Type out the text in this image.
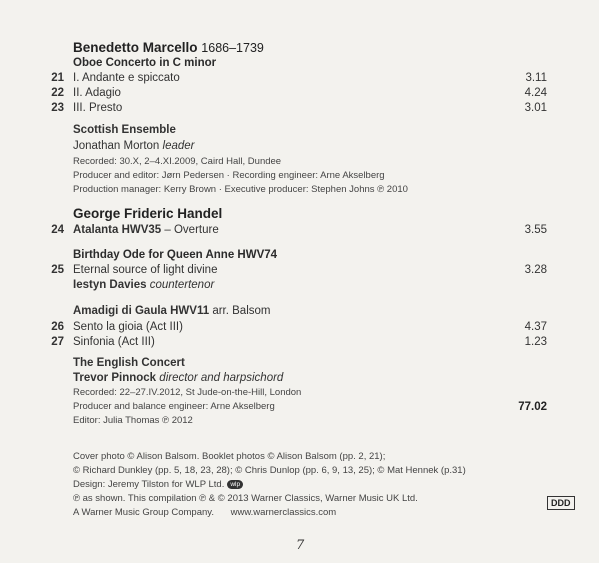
Benedetto Marcello 1686–1739
Oboe Concerto in C minor
21 I. Andante e spiccato	3.11
22 II. Adagio	4.24
23 III. Presto	3.01
Scottish Ensemble
Jonathan Morton leader
Recorded: 30.X, 2–4.XI.2009, Caird Hall, Dundee
Producer and editor: Jørn Pedersen · Recording engineer: Arne Akselberg
Production manager: Kerry Brown · Executive producer: Stephen Johns ℗ 2010
George Frideric Handel
24 Atalanta HWV35 – Overture	3.55
Birthday Ode for Queen Anne HWV74
25 Eternal source of light divine	3.28
Iestyn Davies countertenor
Amadigi di Gaula HWV11 arr. Balsom
26 Sento la gioia (Act III)	4.37
27 Sinfonia (Act III)	1.23
The English Concert
Trevor Pinnock director and harpsichord
Recorded: 22–27.IV.2012, St Jude-on-the-Hill, London
Producer and balance engineer: Arne Akselberg
Editor: Julia Thomas ℗ 2012
77.02
Cover photo © Alison Balsom. Booklet photos © Alison Balsom (pp. 2, 21);
© Richard Dunkley (pp. 5, 18, 23, 28); © Chris Dunlop (pp. 6, 9, 13, 25); © Mat Hennek (p.31)
Design: Jeremy Tilston for WLP Ltd. wlp
℗ as shown. This compilation ℗ & © 2013 Warner Classics, Warner Music UK Ltd.
A Warner Music Group Company. www.warnerclassics.com
DDD
7
